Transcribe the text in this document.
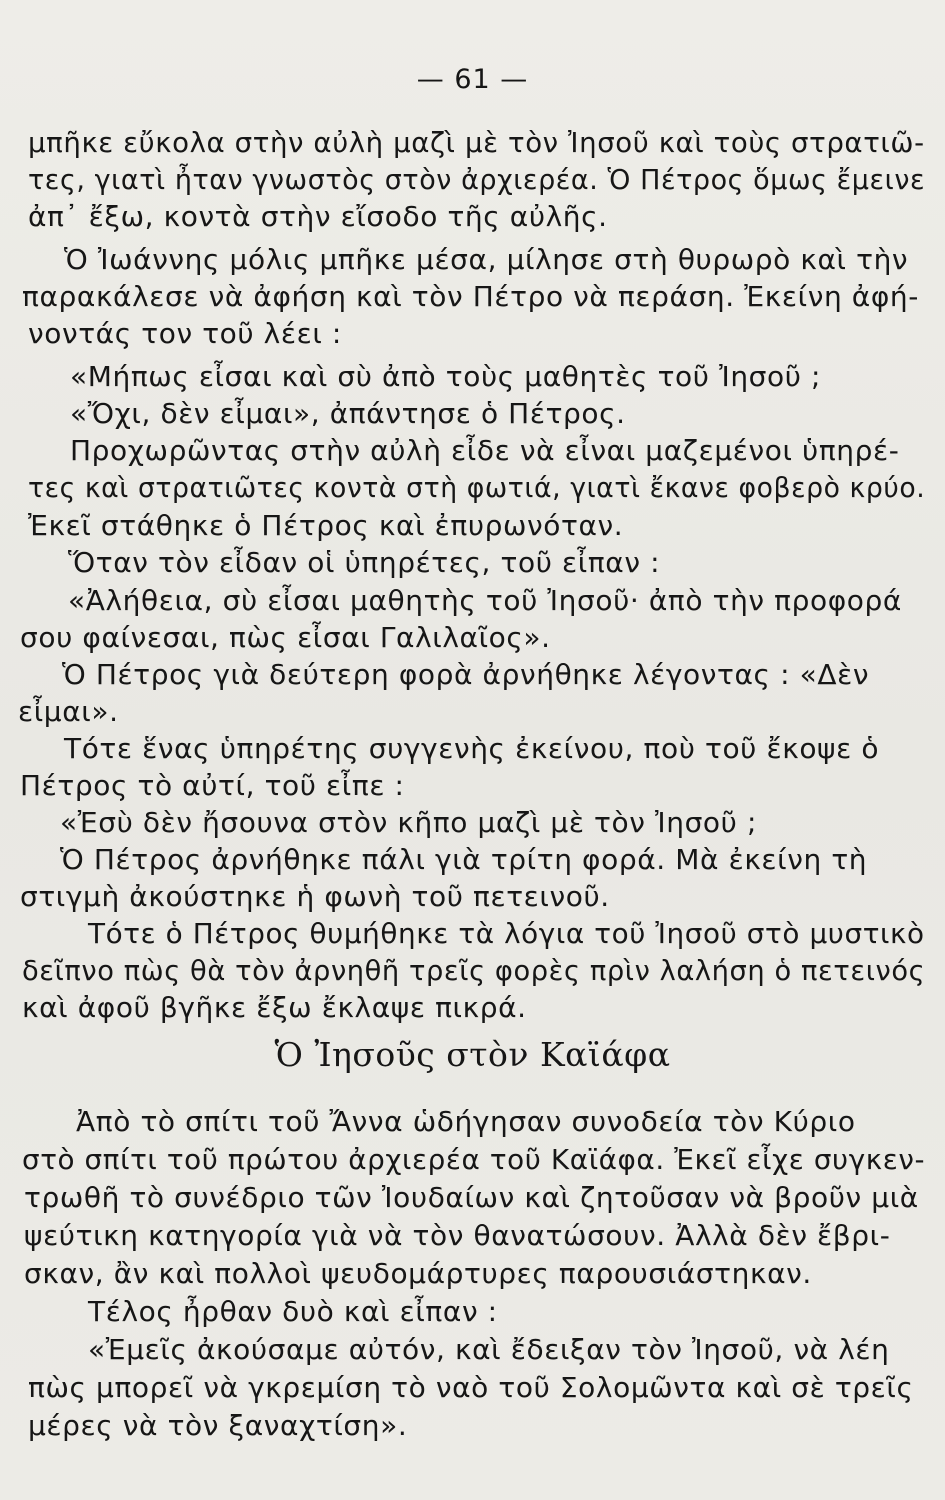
— 61 —
μπῆκε εὔκολα στὴν αὐλὴ μαζὶ μὲ τὸν Ἰησοῦ καὶ τοὺς στρατιῶ-
τες, γιατὶ ἦταν γνωστὸς στὸν ἀρχιερέα. Ὁ Πέτρος ὅμως ἔμεινε
ἀπ᾽ ἔξω, κοντὰ στὴν εἴσοδο τῆς αὐλῆς.
Ὁ Ἰωάννης μόλις μπῆκε μέσα, μίλησε στὴ θυρωρὸ καὶ τὴν
παρακάλεσε νὰ ἀφήση καὶ τὸν Πέτρο νὰ περάση. Ἐκείνη ἀφή-
νοντάς τον τοῦ λέει :
«Μήπως εἶσαι καὶ σὺ ἀπὸ τοὺς μαθητὲς τοῦ Ἰησοῦ ;
«Ὄχι, δὲν εἶμαι», ἀπάντησε ὁ Πέτρος.
Προχωρῶντας στὴν αὐλὴ εἶδε νὰ εἶναι μαζεμένοι ὑπηρέ-
τες καὶ στρατιῶτες κοντὰ στὴ φωτιά, γιατὶ ἔκανε φοβερὸ κρύο.
Ἐκεῖ στάθηκε ὁ Πέτρος καὶ ἐπυρωνόταν.
Ὅταν τὸν εἶδαν οἱ ὑπηρέτες, τοῦ εἶπαν :
«Ἀλήθεια, σὺ εἶσαι μαθητὴς τοῦ Ἰησοῦ· ἀπὸ τὴν προφορά
σου φαίνεσαι, πὼς εἶσαι Γαλιλαῖος».
Ὁ Πέτρος γιὰ δεύτερη φορὰ ἀρνήθηκε λέγοντας : «Δὲν
εἶμαι».
Τότε ἕνας ὑπηρέτης συγγενὴς ἐκείνου, ποὺ τοῦ ἔκοψε ὁ
Πέτρος τὸ αὐτί, τοῦ εἶπε :
«Ἐσὺ δὲν ἤσουνα στὸν κῆπο μαζὶ μὲ τὸν Ἰησοῦ ;
Ὁ Πέτρος ἀρνήθηκε πάλι γιὰ τρίτη φορά. Μὰ ἐκείνη τὴ
στιγμὴ ἀκούστηκε ἡ φωνὴ τοῦ πετεινοῦ.
Τότε ὁ Πέτρος θυμήθηκε τὰ λόγια τοῦ Ἰησοῦ στὸ μυστικὸ
δεῖπνο πὼς θὰ τὸν ἀρνηθῆ τρεῖς φορὲς πρὶν λαλήση ὁ πετεινός
καὶ ἀφοῦ βγῆκε ἔξω ἔκλαψε πικρά.
Ὁ Ἰησοῦς στὸν Καϊάφα
Ἀπὸ τὸ σπίτι τοῦ Ἄννα ὡδήγησαν συνοδεία τὸν Κύριο
στὸ σπίτι τοῦ πρώτου ἀρχιερέα τοῦ Καϊάφα. Ἐκεῖ εἶχε συγκεν-
τρωθῆ τὸ συνέδριο τῶν Ἰουδαίων καὶ ζητοῦσαν νὰ βροῦν μιὰ
ψεύτικη κατηγορία γιὰ νὰ τὸν θανατώσουν. Ἀλλὰ δὲν ἔβρι-
σκαν, ἂν καὶ πολλοὶ ψευδομάρτυρες παρουσιάστηκαν.
Τέλος ἦρθαν δυὸ καὶ εἶπαν :
«Ἐμεῖς ἀκούσαμε αὐτόν, καὶ ἔδειξαν τὸν Ἰησοῦ, νὰ λέη
πὼς μπορεῖ νὰ γκρεμίση τὸ ναὸ τοῦ Σολομῶντα καὶ σὲ τρεῖς
μέρες νὰ τὸν ξαναχτίση».
